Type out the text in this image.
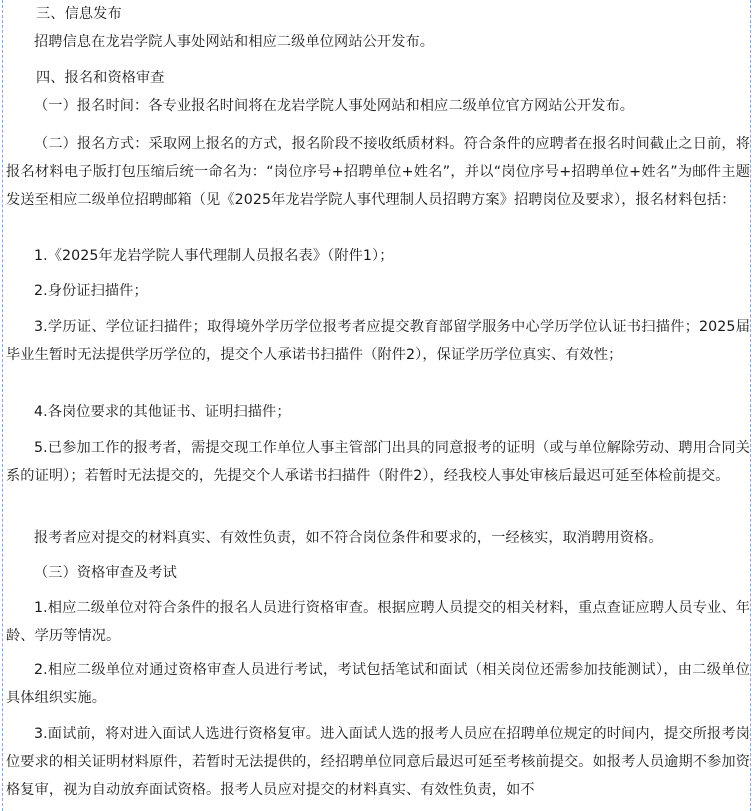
三、信息发布

招聘信息在龙岩学院人事处网站和相应二级单位网站公开发布。

四、报名和资格审查

（一）报名时间：各专业报名时间将在龙岩学院人事处网站和相应二级单位官方网站公开发布。

（二）报名方式：采取网上报名的方式，报名阶段不接收纸质材料。符合条件的应聘者在报名时间截止之日前，将报名材料电子版打包压缩后统一命名为：“岗位序号+招聘单位+姓名”，并以“岗位序号+招聘单位+姓名”为邮件主题发送至相应二级单位招聘邮箱（见《2025年龙岩学院人事代理制人员招聘方案》招聘岗位及要求），报名材料包括：

1.《2025年龙岩学院人事代理制人员报名表》（附件1）；

2.身份证扫描件；

3.学历证、学位证扫描件；取得境外学历学位报考者应提交教育部留学服务中心学历学位认证书扫描件；2025届毕业生暂时无法提供学历学位的，提交个人承诺书扫描件（附件2），保证学历学位真实、有效性；

4.各岗位要求的其他证书、证明扫描件；

5.已参加工作的报考者，需提交现工作单位人事主管部门出具的同意报考的证明（或与单位解除劳动、聘用合同关系的证明）；若暂时无法提交的，先提交个人承诺书扫描件（附件2），经我校人事处审核后最迟可延至体检前提交。

报考者应对提交的材料真实、有效性负责，如不符合岗位条件和要求的，一经核实，取消聘用资格。

（三）资格审查及考试

1.相应二级单位对符合条件的报名人员进行资格审查。根据应聘人员提交的相关材料，重点查证应聘人员专业、年龄、学历等情况。

2.相应二级单位对通过资格审查人员进行考试，考试包括笔试和面试（相关岗位还需参加技能测试），由二级单位具体组织实施。

3.面试前，将对进入面试人选进行资格复审。进入面试人选的报考人员应在招聘单位规定的时间内，提交所报考岗位要求的相关证明材料原件，若暂时无法提供的，经招聘单位同意后最迟可延至考核前提交。如报考人员逾期不参加资格复审，视为自动放弃面试资格。报考人员应对提交的材料真实、有效性负责，如不
